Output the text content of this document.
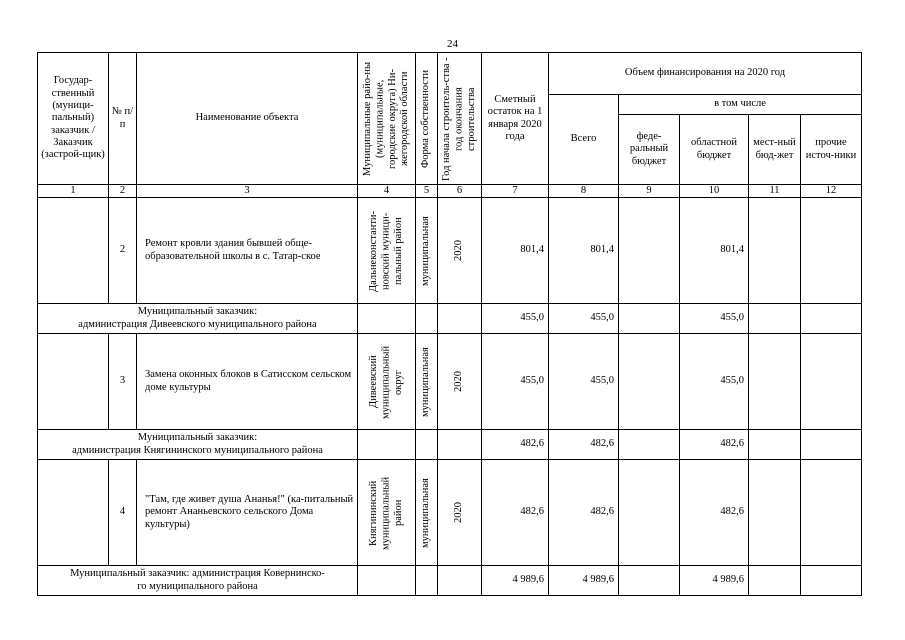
24
Государ-ственный (муници-пальный) заказчик / Заказчик (застрой-щик)	№ п/п	Наименование объекта	Муниципальные райо-ны (муниципальные, городские округа) Ни-жегородской области	Форма собственности	Год начала строитель-ства - год окончания строительства	Сметный остаток на 1 января 2020 года	Объем финансирования на 2020 год				
							Всего	в том числе			
								феде-ральный бюджет	областной бюджет	мест-ный бюд-жет	прочие источ-ники
1	2	3	4	5	6	7	8	9	10	11	12
	2	Ремонт кровли здания бывшей обще-образовательной школы в с. Татар-ское	Дальнеконстанти-новский муници-пальный район	муниципальная	2020	801,4	801,4		801,4		

Муниципальный заказчик:
администрация Дивеевского муниципального района						455,0	455,0		455,0		
	3	Замена оконных блоков в Сатисском сельском доме культуры	Дивеевский муниципальный округ	муниципальная	2020	455,0	455,0		455,0		

Муниципальный заказчик:
администрация Княгининского муниципального района						482,6	482,6		482,6		
	4	"Там, где живет душа Ананья!" (ка-питальный ремонт Ананьевского сельского Дома культуры)	Княгининский муниципальный район	муниципальная	2020	482,6	482,6		482,6		

Муниципальный заказчик: администрация Ковернинско-
го муниципального района						4 989,6	4 989,6		4 989,6		
